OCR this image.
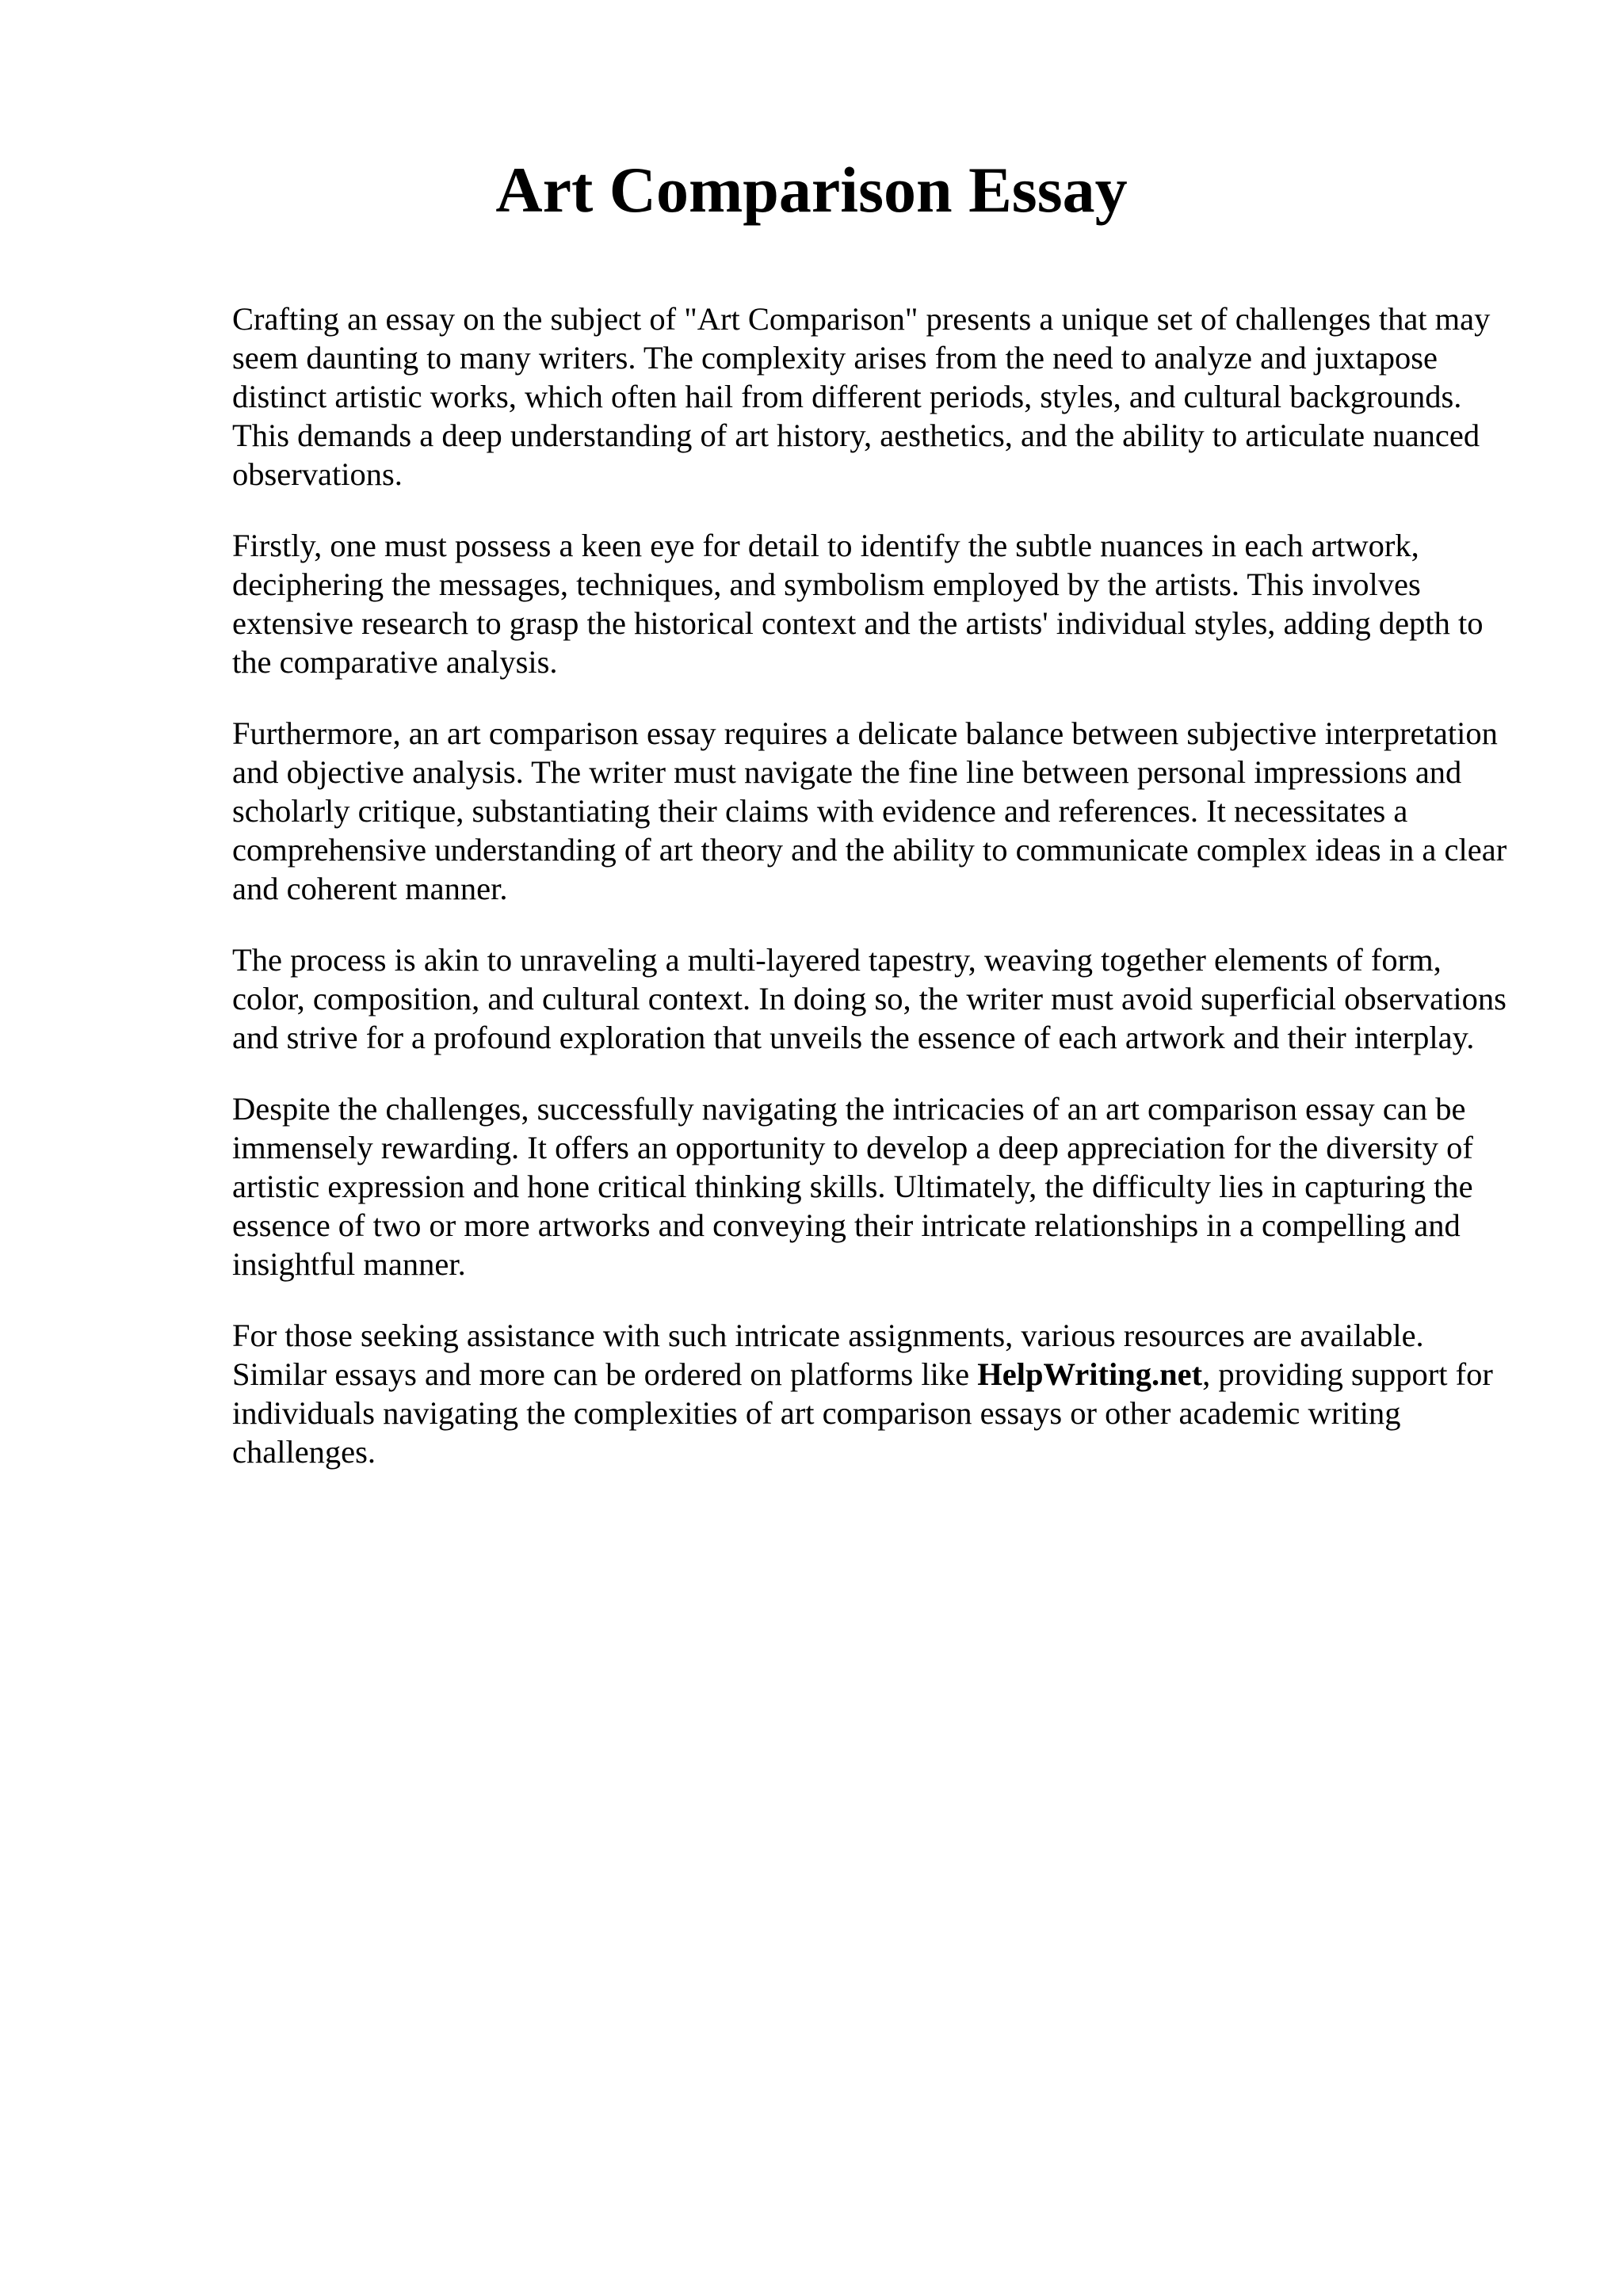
Art Comparison Essay

Crafting an essay on the subject of "Art Comparison" presents a unique set of challenges that may seem daunting to many writers. The complexity arises from the need to analyze and juxtapose distinct artistic works, which often hail from different periods, styles, and cultural backgrounds. This demands a deep understanding of art history, aesthetics, and the ability to articulate nuanced observations.

Firstly, one must possess a keen eye for detail to identify the subtle nuances in each artwork, deciphering the messages, techniques, and symbolism employed by the artists. This involves extensive research to grasp the historical context and the artists' individual styles, adding depth to the comparative analysis.

Furthermore, an art comparison essay requires a delicate balance between subjective interpretation and objective analysis. The writer must navigate the fine line between personal impressions and scholarly critique, substantiating their claims with evidence and references. It necessitates a comprehensive understanding of art theory and the ability to communicate complex ideas in a clear and coherent manner.

The process is akin to unraveling a multi-layered tapestry, weaving together elements of form, color, composition, and cultural context. In doing so, the writer must avoid superficial observations and strive for a profound exploration that unveils the essence of each artwork and their interplay.

Despite the challenges, successfully navigating the intricacies of an art comparison essay can be immensely rewarding. It offers an opportunity to develop a deep appreciation for the diversity of artistic expression and hone critical thinking skills. Ultimately, the difficulty lies in capturing the essence of two or more artworks and conveying their intricate relationships in a compelling and insightful manner.

For those seeking assistance with such intricate assignments, various resources are available. Similar essays and more can be ordered on platforms like HelpWriting.net, providing support for individuals navigating the complexities of art comparison essays or other academic writing challenges.
